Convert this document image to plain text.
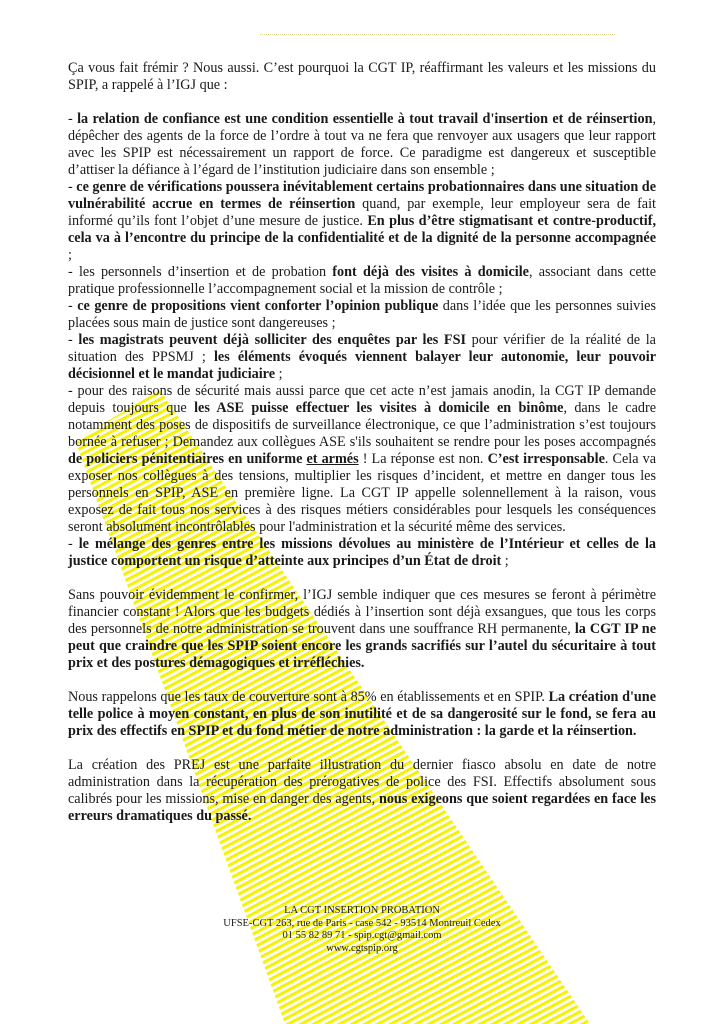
Ça vous fait frémir ? Nous aussi. C’est pourquoi la CGT IP, réaffirmant les valeurs et les missions du SPIP, a rappelé à l’IGJ que :

- la relation de confiance est une condition essentielle à tout travail d'insertion et de réinsertion, dépêcher des agents de la force de l’ordre à tout va ne fera que renvoyer aux usagers que leur rapport avec les SPIP est nécessairement un rapport de force. Ce paradigme est dangereux et susceptible d’attiser la défiance à l’égard de l’institution judiciaire dans son ensemble ;

- ce genre de vérifications poussera inévitablement certains probationnaires dans une situation de vulnérabilité accrue en termes de réinsertion quand, par exemple, leur employeur sera de fait informé qu’ils font l’objet d’une mesure de justice. En plus d’être stigmatisant et contre-productif, cela va à l’encontre du principe de la confidentialité et de la dignité de la personne accompagnée ;

- les personnels d’insertion et de probation font déjà des visites à domicile, associant dans cette pratique professionnelle l’accompagnement social et la mission de contrôle ;

- ce genre de propositions vient conforter l’opinion publique dans l’idée que les personnes suivies placées sous main de justice sont dangereuses ;

- les magistrats peuvent déjà solliciter des enquêtes par les FSI pour vérifier de la réalité de la situation des PPSMJ ; les éléments évoqués viennent balayer leur autonomie, leur pouvoir décisionnel et le mandat judiciaire ;

- pour des raisons de sécurité mais aussi parce que cet acte n’est jamais anodin, la CGT IP demande depuis toujours que les ASE puisse effectuer les visites à domicile en binôme, dans le cadre notamment des poses de dispositifs de surveillance électronique, ce que l’administration s’est toujours bornée à refuser ; Demandez aux collègues ASE s'ils souhaitent se rendre pour les poses accompagnés de policiers pénitentiaires en uniforme et armés ! La réponse est non. C’est irresponsable. Cela va exposer nos collègues à des tensions, multiplier les risques d’incident, et mettre en danger tous les personnels en SPIP, ASE en première ligne. La CGT IP appelle solennellement à la raison, vous exposez de fait tous nos services à des risques métiers considérables pour lesquels les conséquences seront absolument incontrôlables pour l'administration et la sécurité même des services.

- le mélange des genres entre les missions dévolues au ministère de l’Intérieur et celles de la justice comportent un risque d’atteinte aux principes d’un État de droit ;

Sans pouvoir évidemment le confirmer, l’IGJ semble indiquer que ces mesures se feront à périmètre financier constant ! Alors que les budgets dédiés à l’insertion sont déjà exsangues, que tous les corps des personnels de notre administration se trouvent dans une souffrance RH permanente, la CGT IP ne peut que craindre que les SPIP soient encore les grands sacrifiés sur l’autel du sécuritaire à tout prix et des postures démagogiques et irréfléchies.

Nous rappelons que les taux de couverture sont à 85% en établissements et en SPIP. La création d'une telle police à moyen constant, en plus de son inutilité et de sa dangerosité sur le fond, se fera au prix des effectifs en SPIP et du fond métier de notre administration : la garde et la réinsertion.

La création des PREJ est une parfaite illustration du dernier fiasco absolu en date de notre administration dans la récupération des prérogatives de police des FSI. Effectifs absolument sous calibrés pour les missions, mise en danger des agents, nous exigeons que soient regardées en face les erreurs dramatiques du passé.

LA CGT INSERTION PROBATION
UFSE-CGT 263, rue de Paris - case 542 - 93514 Montreuil Cedex
01 55 82 89 71 - spip.cgt@gmail.com
www.cgtspip.org
